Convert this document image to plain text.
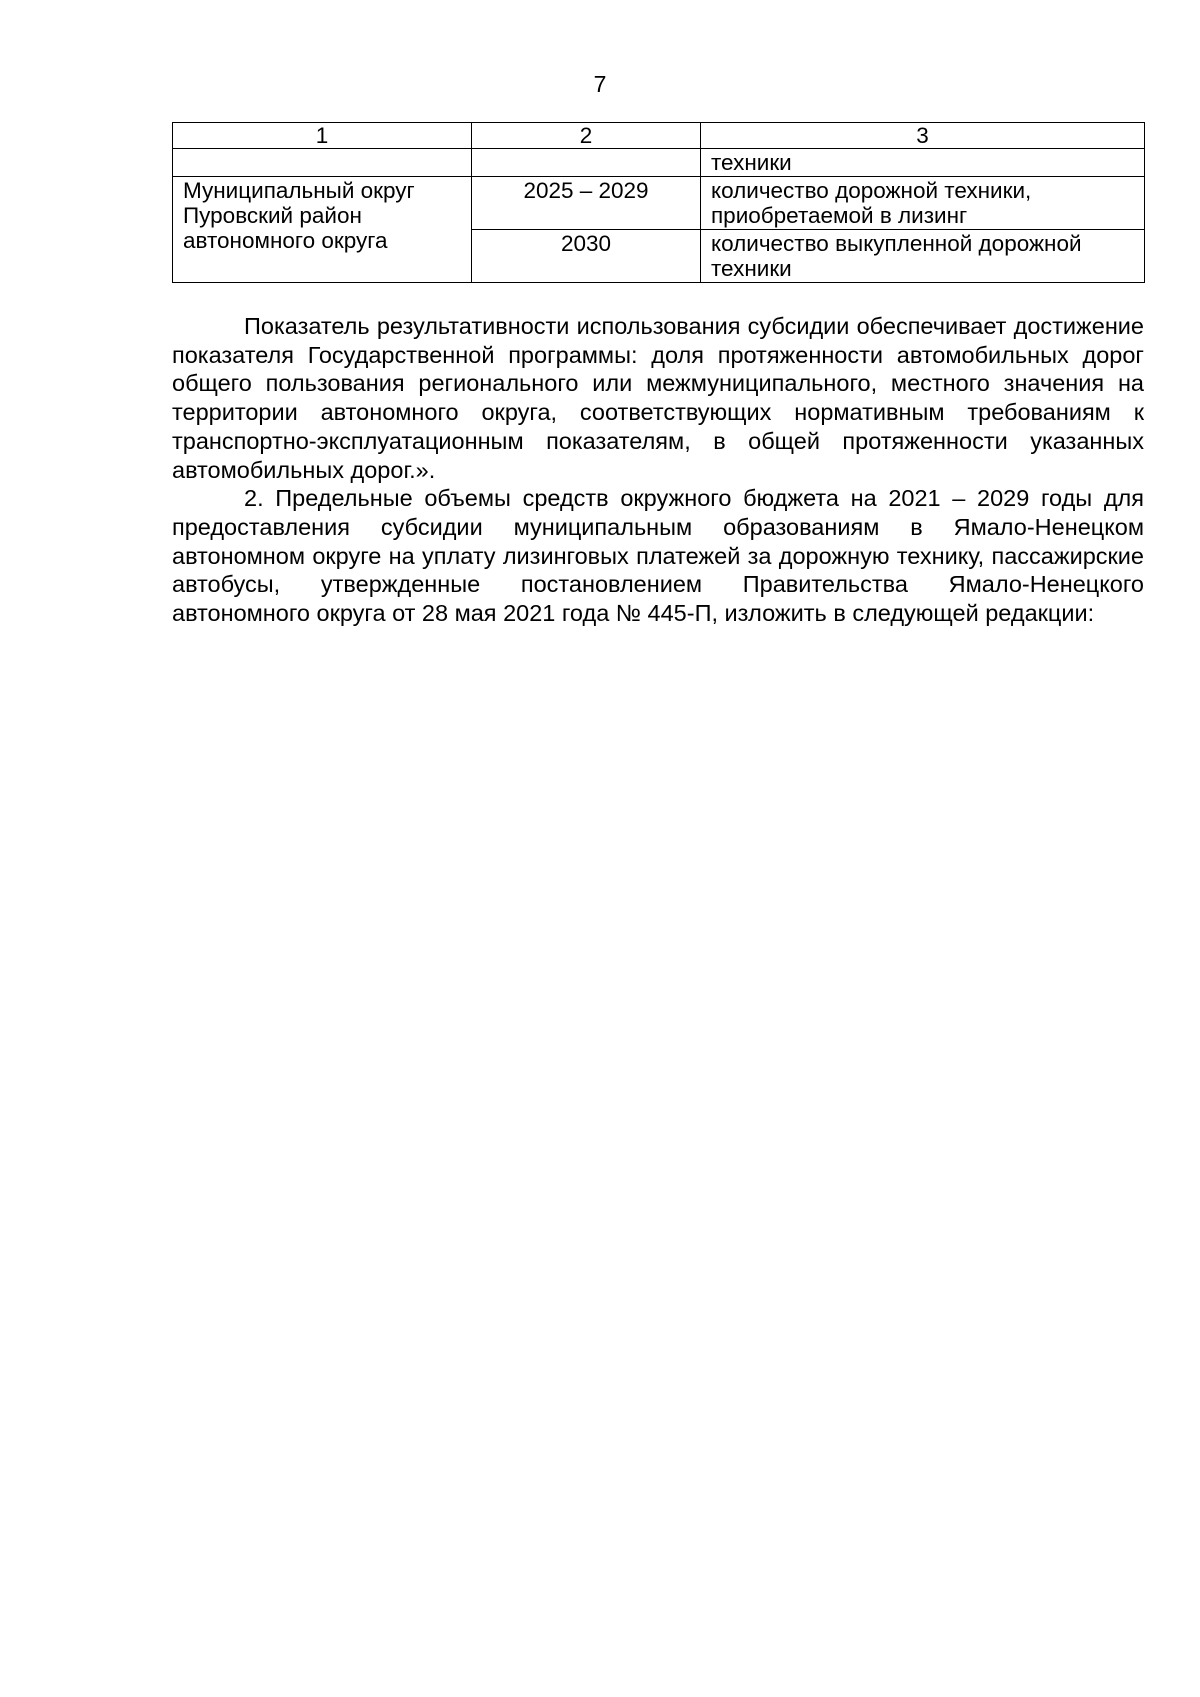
7
1	2	3
		техники

Муниципальный округ
Пуровский район
автономного округа	2025 – 2029	количество дорожной техники,
приобретаемой в лизинг

	2030	количество выкупленной дорожной
техники

Показатель результативности использования субсидии обеспечивает достижение показателя Государственной программы: доля протяженности автомобильных дорог общего пользования регионального или межмуниципального, местного значения на территории автономного округа, соответствующих нормативным требованиям к транспортно-эксплуатационным показателям, в общей протяженности указанных автомобильных дорог.».

2. Предельные объемы средств окружного бюджета на 2021 – 2029 годы для предоставления субсидии муниципальным образованиям в Ямало-Ненецком автономном округе на уплату лизинговых платежей за дорожную технику, пассажирские автобусы, утвержденные постановлением Правительства Ямало-Ненецкого автономного округа от 28 мая 2021 года № 445-П, изложить в следующей редакции:
